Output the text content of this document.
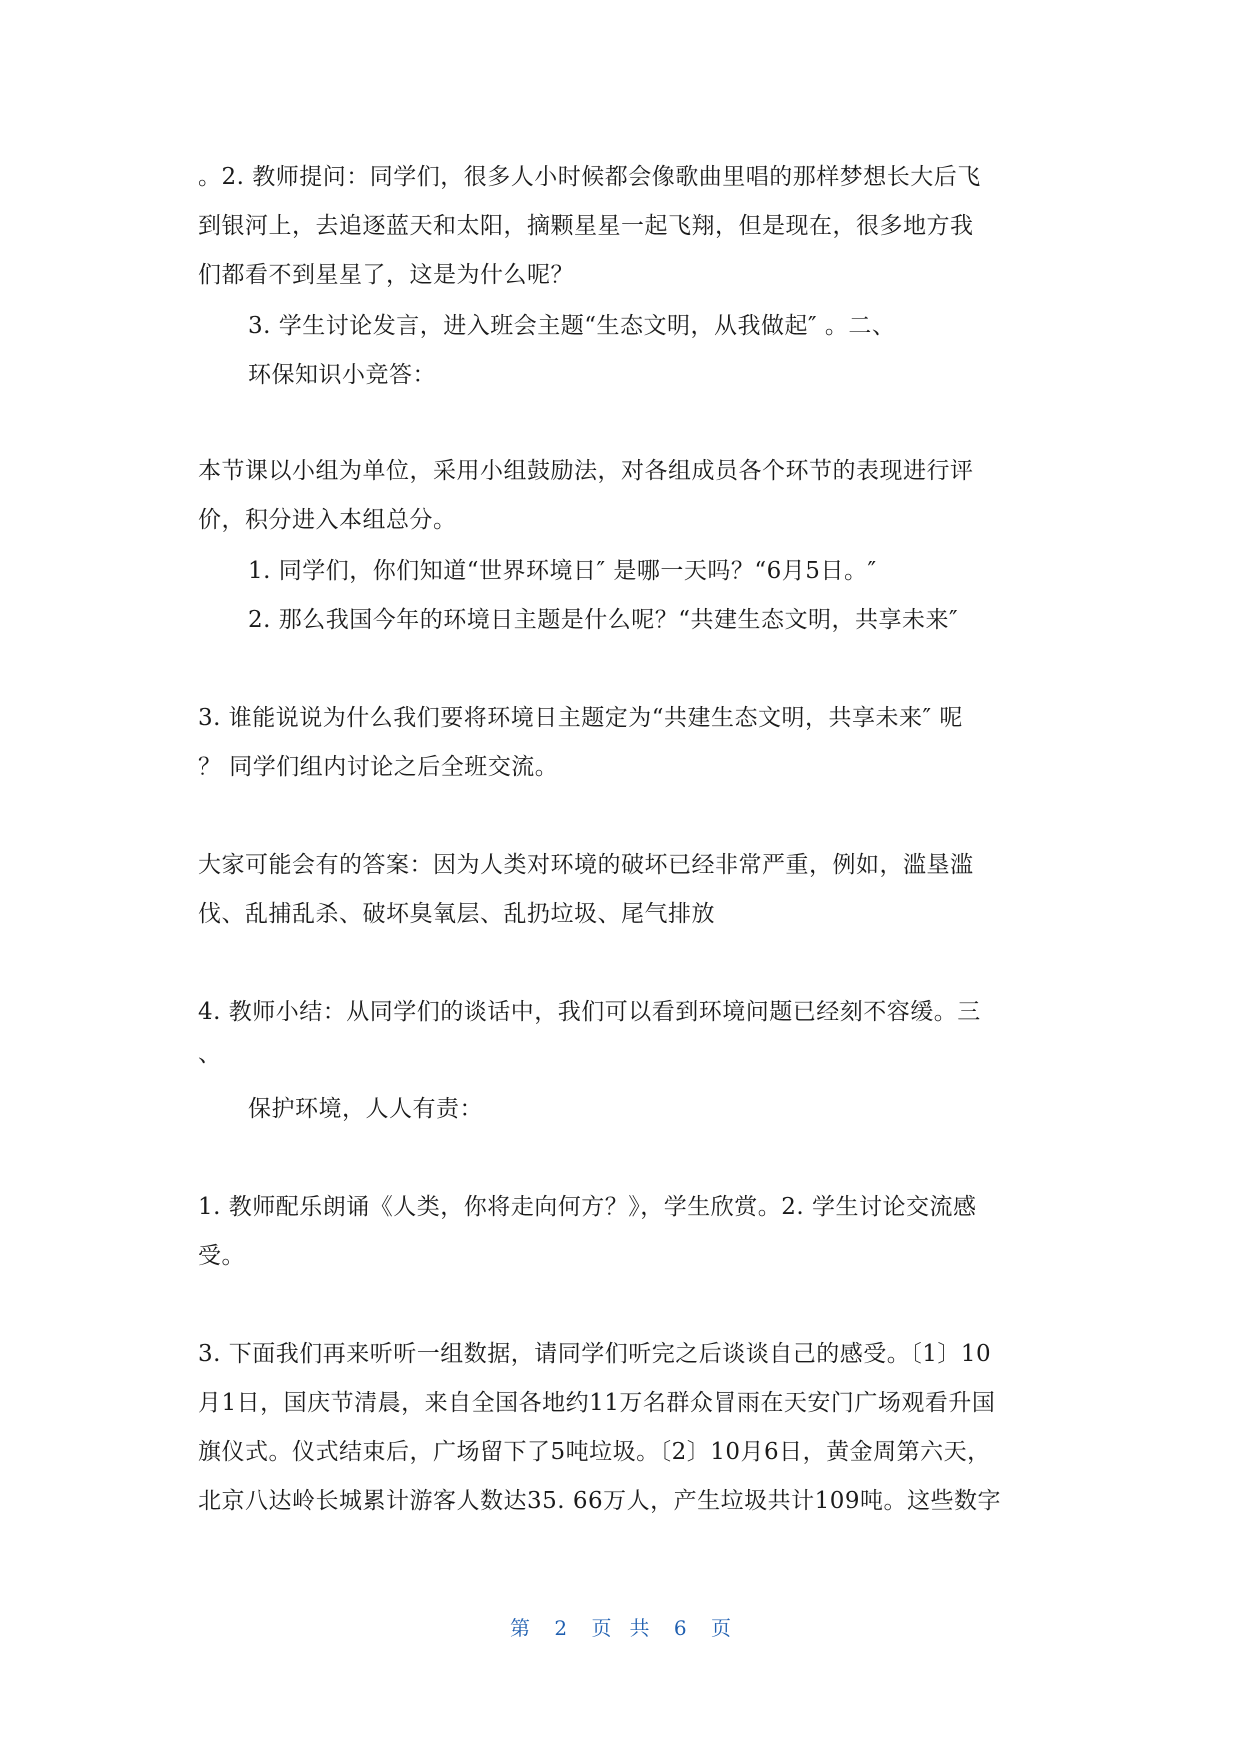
。2. 教师提问：同学们，很多人小时候都会像歌曲里唱的那样梦想长大后飞
到银河上，去追逐蓝天和太阳，摘颗星星一起飞翔，但是现在，很多地方我
们都看不到星星了，这是为什么呢？
3. 学生讨论发言，进入班会主题“生态文明，从我做起″ 。二、
环保知识小竞答：
本节课以小组为单位，采用小组鼓励法，对各组成员各个环节的表现进行评
价，积分进入本组总分。
1. 同学们，你们知道“世界环境日″ 是哪一天吗？“6月5日。″
2. 那么我国今年的环境日主题是什么呢？“共建生态文明，共享未来″
3. 谁能说说为什么我们要将环境日主题定为“共建生态文明，共享未来″ 呢
？ 同学们组内讨论之后全班交流。
大家可能会有的答案：因为人类对环境的破坏已经非常严重，例如，滥垦滥
伐、乱捕乱杀、破坏臭氧层、乱扔垃圾、尾气排放
4. 教师小结：从同学们的谈话中，我们可以看到环境问题已经刻不容缓。三
、
保护环境，人人有责：
1. 教师配乐朗诵《人类，你将走向何方？》，学生欣赏。2. 学生讨论交流感
受。
3. 下面我们再来听听一组数据，请同学们听完之后谈谈自己的感受。〔1〕10
月1日，国庆节清晨，来自全国各地约11万名群众冒雨在天安门广场观看升国
旗仪式。仪式结束后，广场留下了5吨垃圾。〔2〕10月6日，黄金周第六天，
北京八达岭长城累计游客人数达35. 66万人，产生垃圾共计109吨。这些数字
第 2 页 共 6 页
